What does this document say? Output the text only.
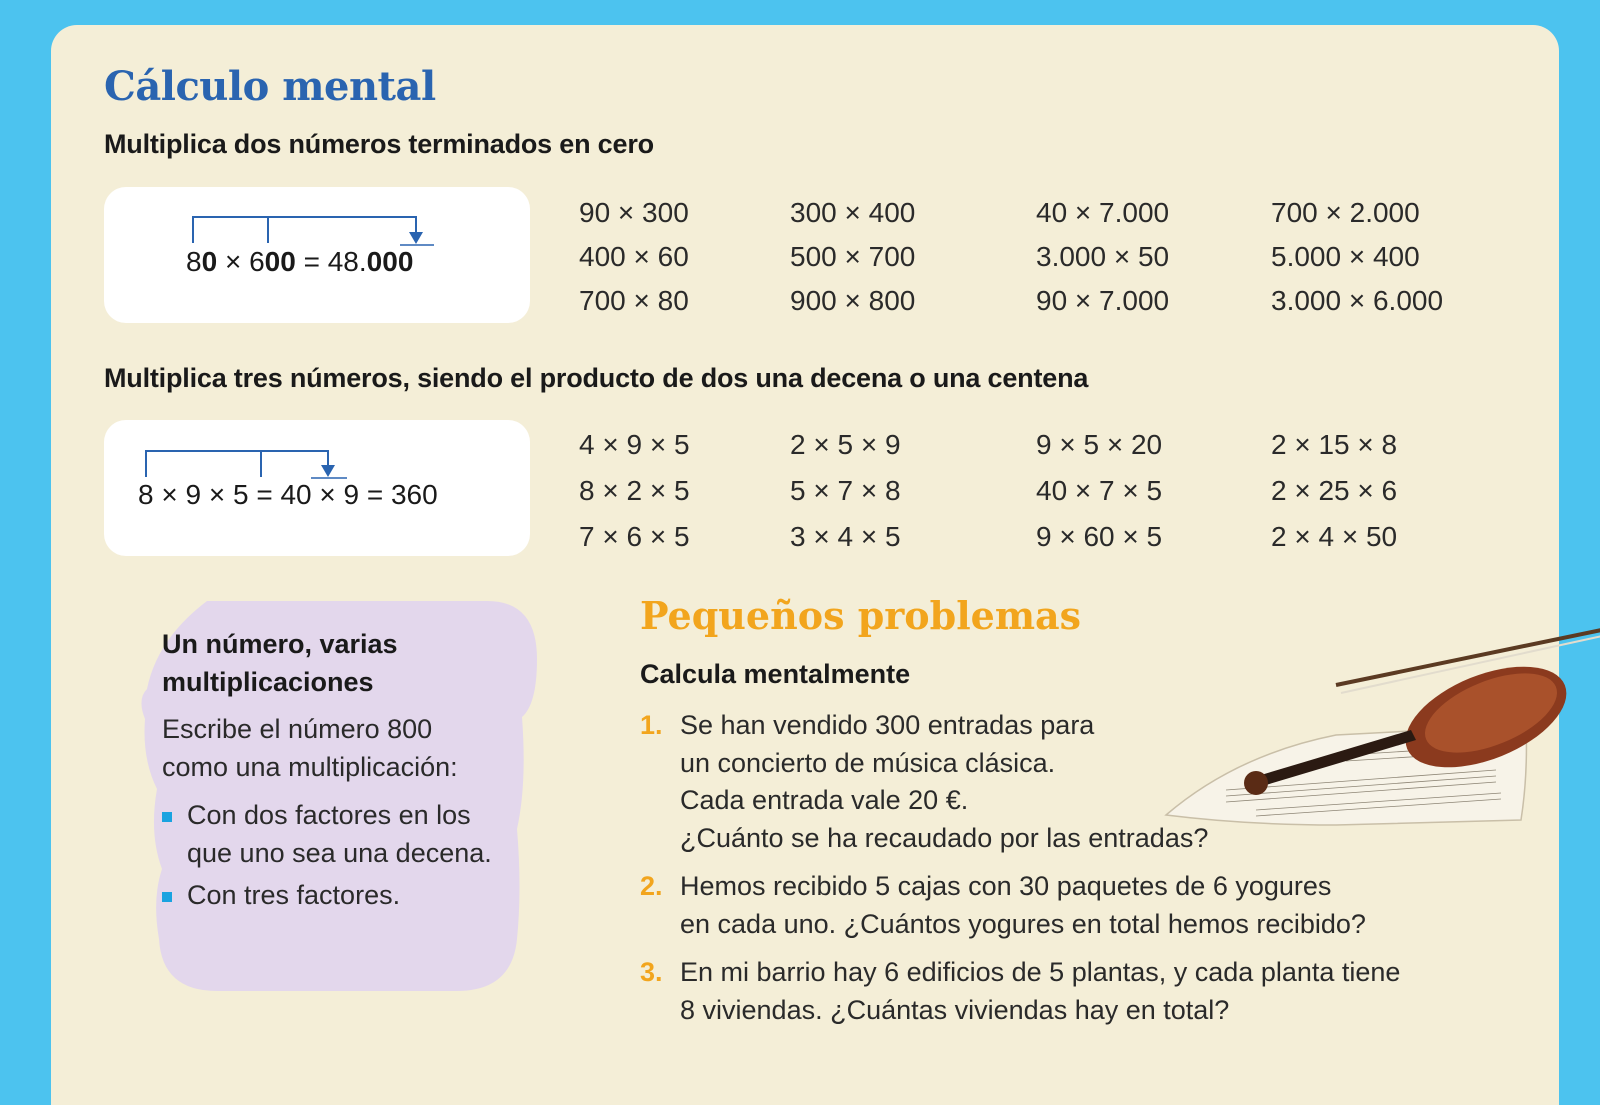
Cálculo mental

Multiplica dos números terminados en cero

80 × 600 = 48.000
90 × 300	300 × 400	40 × 7.000	700 × 2.000
400 × 60	500 × 700	3.000 × 50	5.000 × 400
700 × 80	900 × 800	90 × 7.000	3.000 × 6.000

Multiplica tres números, siendo el producto de dos una decena o una centena

8 × 9 × 5 = 40 × 9 = 360
4 × 9 × 5	2 × 5 × 9	9 × 5 × 20	2 × 15 × 8
8 × 2 × 5	5 × 7 × 8	40 × 7 × 5	2 × 25 × 6
7 × 6 × 5	3 × 4 × 5	9 × 60 × 5	2 × 4 × 50
Un número, varias multiplicaciones
Escribe el número 800 como una multiplicación:
Con dos factores en los que uno sea una decena.
Con tres factores.
Pequeños problemas

Calcula mentalmente

1. Se han vendido 300 entradas para
un concierto de música clásica.
Cada entrada vale 20 €.
¿Cuánto se ha recaudado por las entradas?
2. Hemos recibido 5 cajas con 30 paquetes de 6 yogures
en cada uno. ¿Cuántos yogures en total hemos recibido?
3. En mi barrio hay 6 edificios de 5 plantas, y cada planta tiene
8 viviendas. ¿Cuántas viviendas hay en total?
